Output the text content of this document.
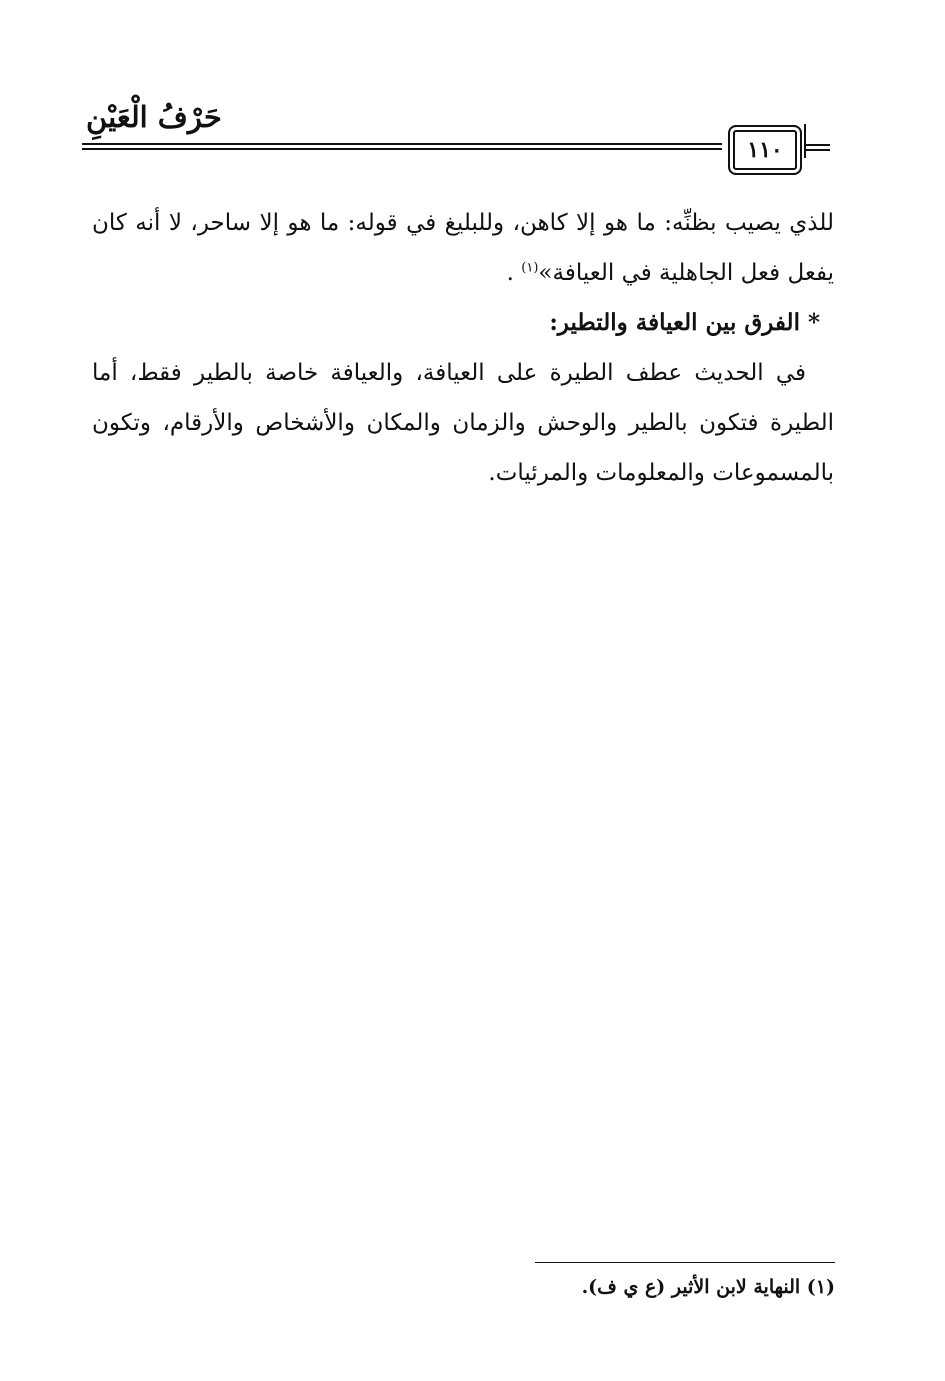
حَرْفُ الْعَيْنِ
١١٠

للذي يصيب بظنِّه: ما هو إلا كاهن، وللبليغ في قوله: ما هو إلا ساحر، لا أنه كان يفعل فعل الجاهلية في العيافة»$^{(١)}$ .

* الفرق بين العيافة والتطير:

في الحديث عطف الطيرة على العيافة، والعيافة خاصة بالطير فقط، أما الطيرة فتكون بالطير والوحش والزمان والمكان والأشخاص والأرقام، وتكون بالمسموعات والمعلومات والمرئيات.

(١) النهاية لابن الأثير (ع ي ف).
